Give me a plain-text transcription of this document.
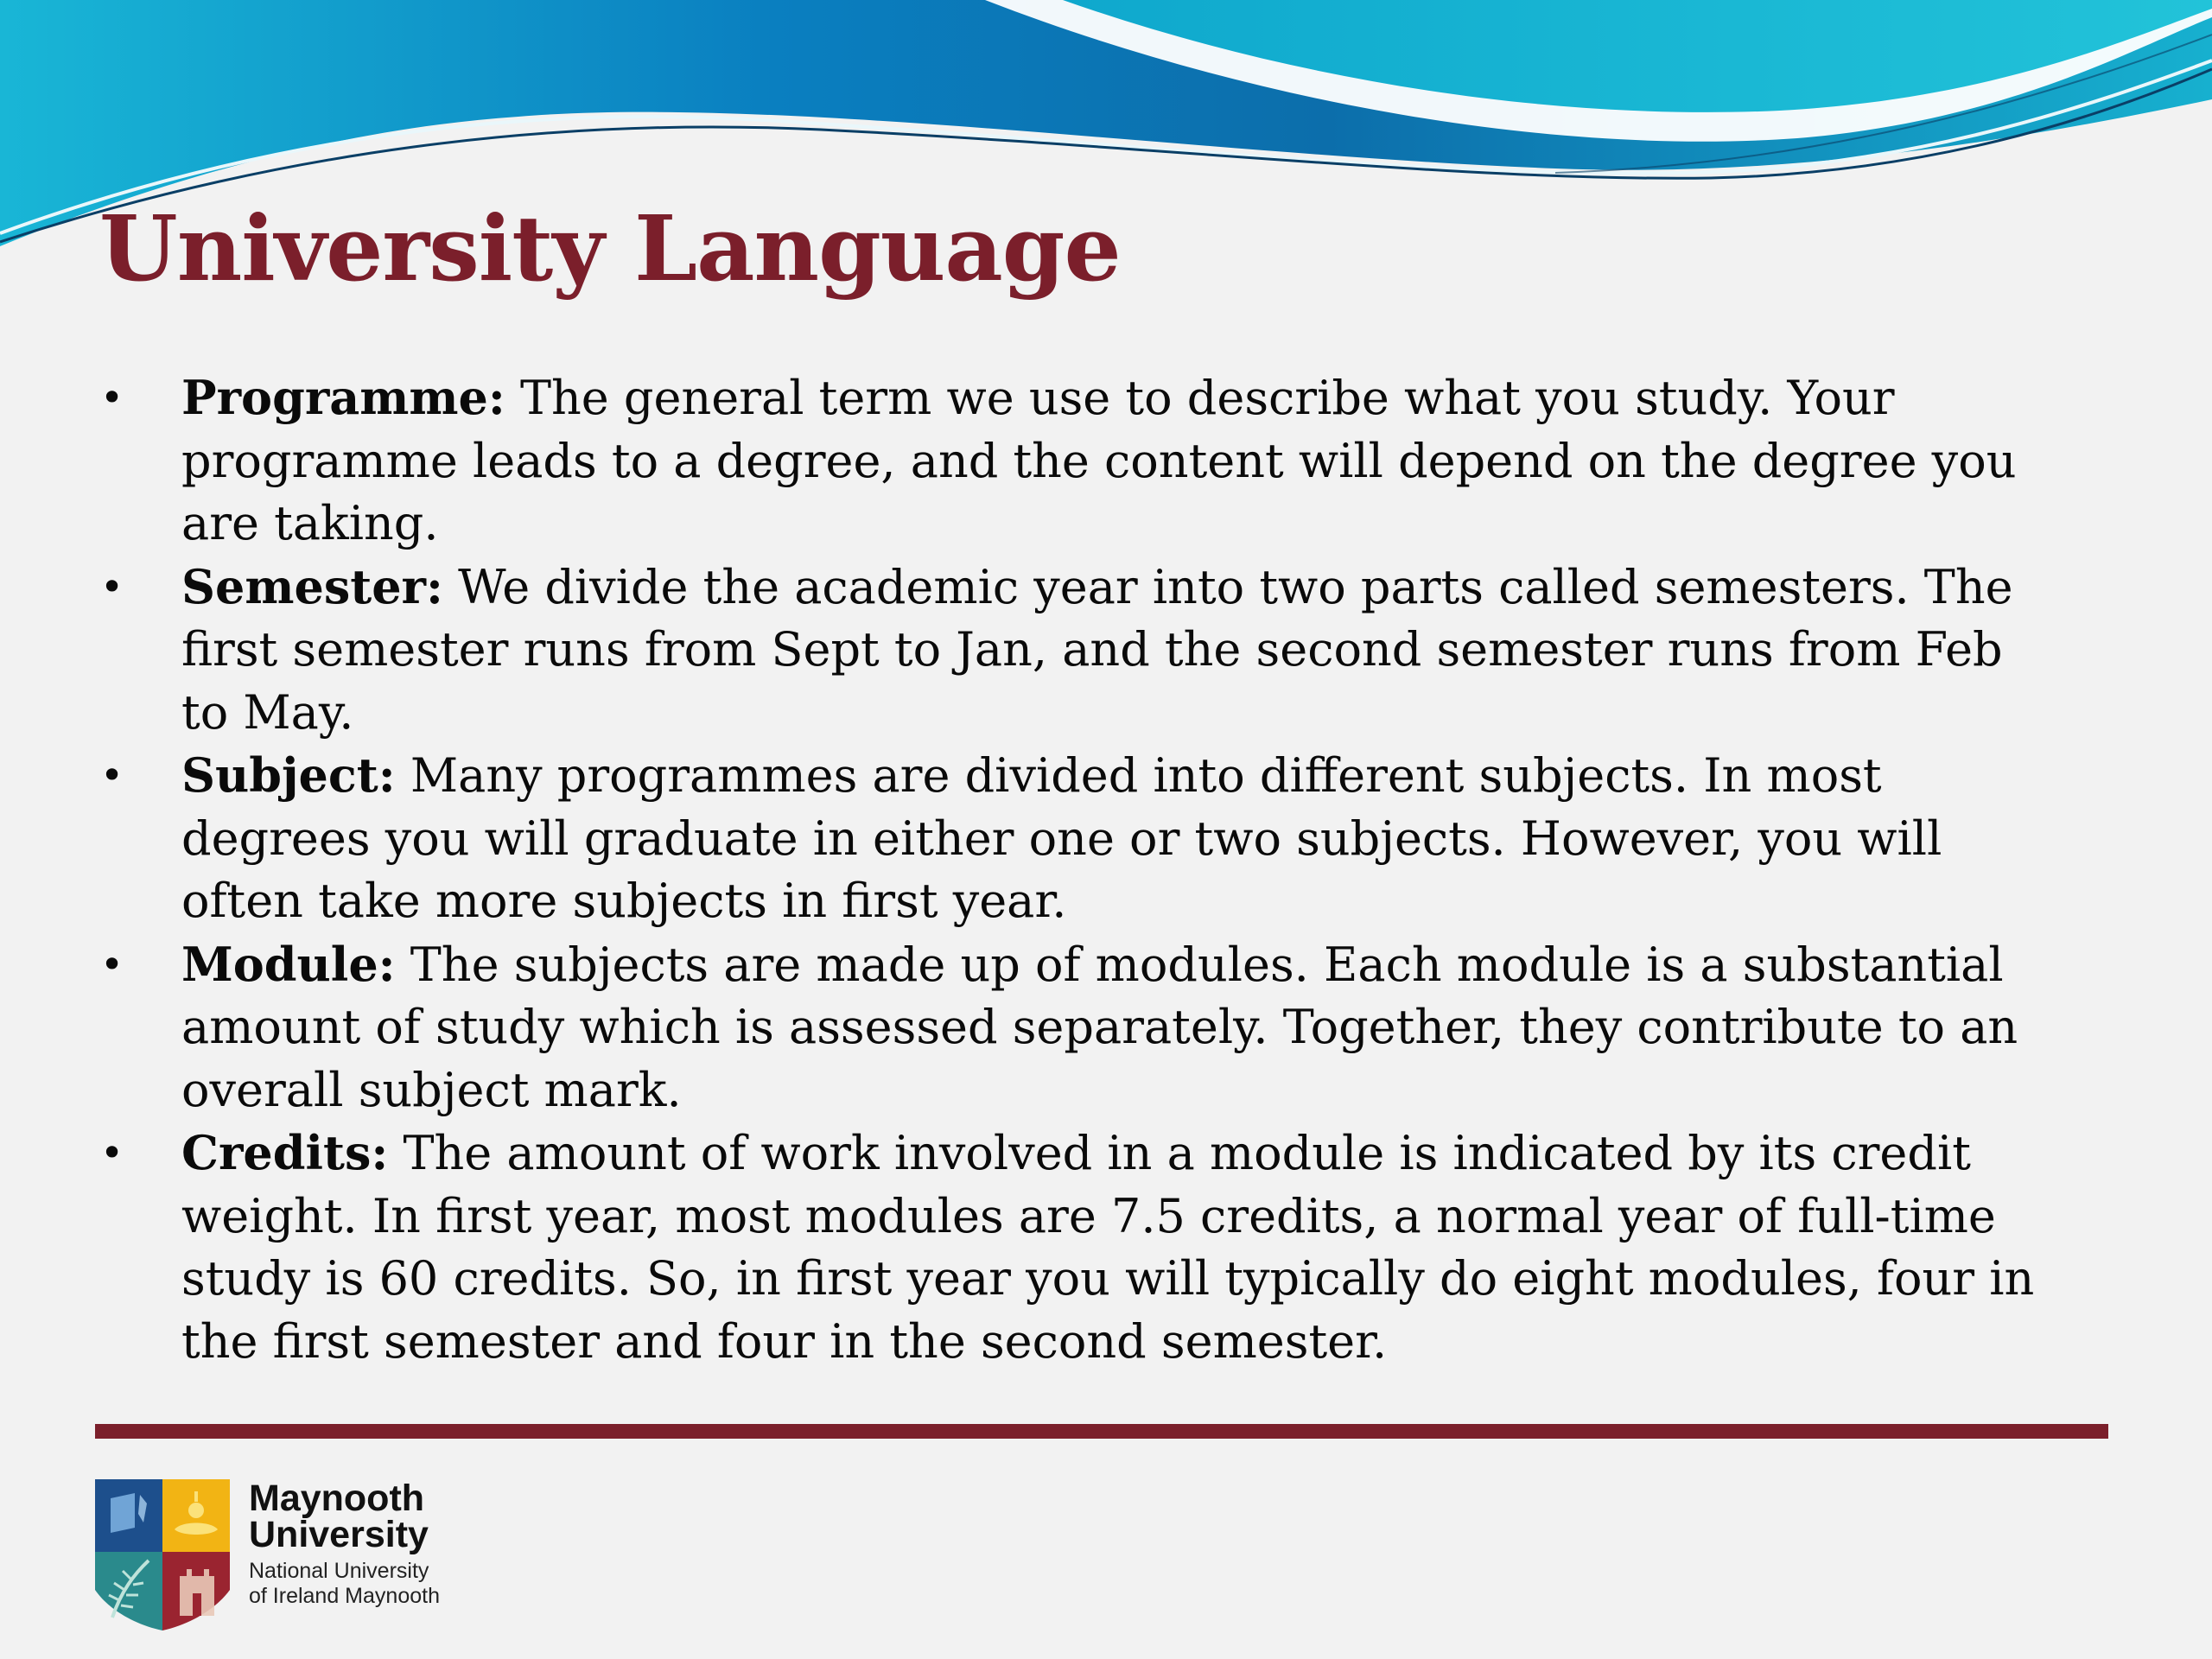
University Language
• Programme: The general term we use to describe what you study. Your programme leads to a degree, and the content will depend on the degree you are taking.
• Semester: We divide the academic year into two parts called semesters. The first semester runs from Sept to Jan, and the second semester runs from Feb to May.
• Subject: Many programmes are divided into different subjects. In most degrees you will graduate in either one or two subjects. However, you will often take more subjects in first year.
• Module: The subjects are made up of modules. Each module is a substantial amount of study which is assessed separately. Together, they contribute to an overall subject mark.
• Credits: The amount of work involved in a module is indicated by its credit weight. In first year, most modules are 7.5 credits, a normal year of full-time study is 60 credits. So, in first year you will typically do eight modules, four in the first semester and four in the second semester.
Maynooth
University
National University
of Ireland Maynooth
